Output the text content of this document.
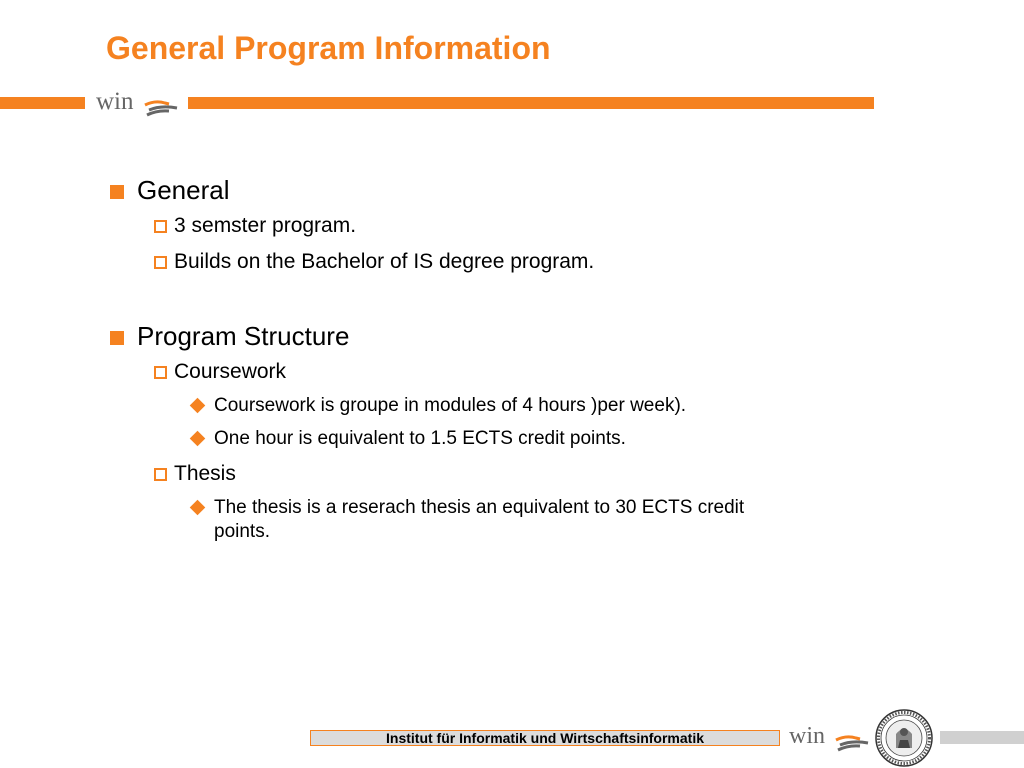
General Program Information
win
General
3 semster program.
Builds on the Bachelor of IS degree program.
Program Structure
Coursework
Coursework is groupe in modules of 4 hours )per week).
One hour is equivalent to 1.5 ECTS credit points.
Thesis
The thesis is a reserach thesis an equivalent to 30 ECTS credit points.
Institut für Informatik und Wirtschaftsinformatik	win
